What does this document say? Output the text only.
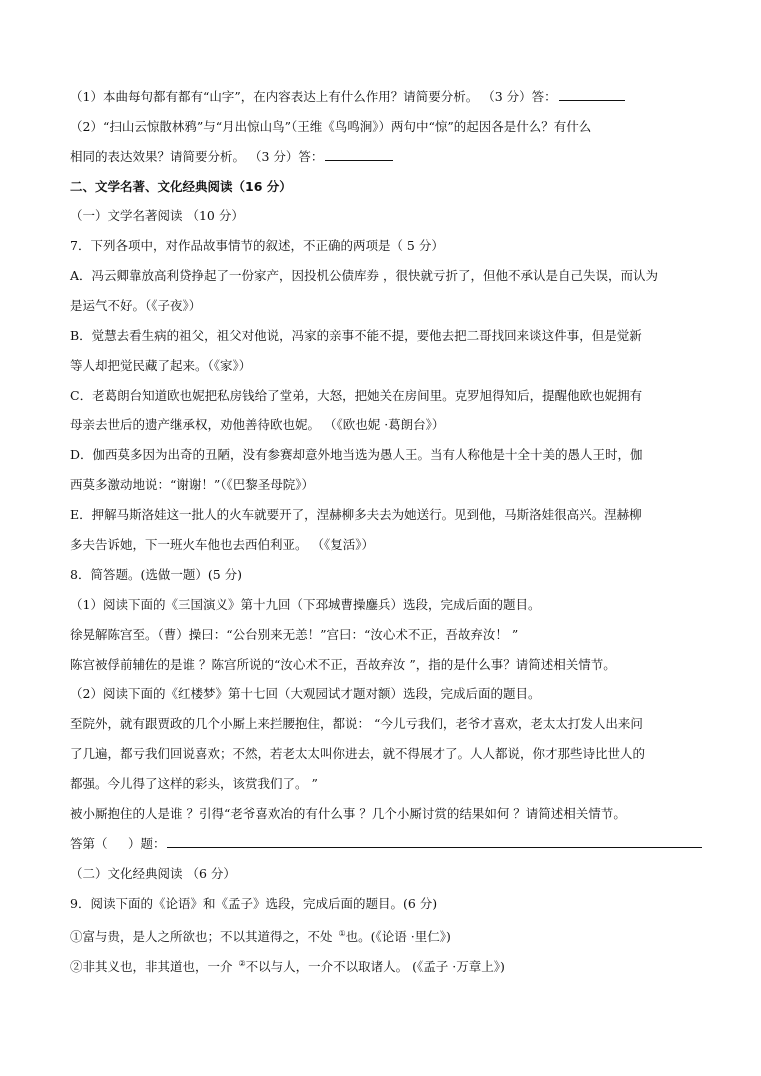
（1）本曲每句都有都有“山字”，在内容表达上有什么作用？请简要分析。 （3 分）答：
（2）“扫山云惊散林鸦”与“月出惊山鸟”（王维《鸟鸣涧》）两句中“惊”的起因各是什么？有什么
相同的表达效果？请简要分析。 （3 分）答：
二、文学名著、文化经典阅读（16 分）
（一）文学名著阅读 （10 分）
7．下列各项中，对作品故事情节的叙述，不正确的两项是（ 5 分）
A．冯云卿靠放高利贷挣起了一份家产，因投机公债库券 ，很快就亏折了，但他不承认是自己失误，而认为
是运气不好。（《子夜》）
B．觉慧去看生病的祖父，祖父对他说，冯家的亲事不能不提，要他去把二哥找回来谈这件事，但是觉新
等人却把觉民藏了起来。（《家》）
C．老葛朗台知道欧也妮把私房钱给了堂弟，大怒，把她关在房间里。克罗旭得知后，提醒他欧也妮拥有
母亲去世后的遗产继承权，劝他善待欧也妮。 （《欧也妮 ·葛朗台》）
D．伽西莫多因为出奇的丑陋，没有参赛却意外地当选为愚人王。当有人称他是十全十美的愚人王时，伽
西莫多激动地说：“谢谢！”（《巴黎圣母院》）
E．押解马斯洛娃这一批人的火车就要开了，涅赫柳多夫去为她送行。见到他，马斯洛娃很高兴。涅赫柳
多夫告诉她，下一班火车他也去西伯利亚。 （《复活》）
8．简答题。(选做一题）(5 分)
（1）阅读下面的《三国演义》第十九回（下邳城曹操鏖兵）选段，完成后面的题目。
徐晃解陈宫至。（曹）操曰：“公台别来无恙！”宫曰：“汝心术不正，吾故弃汝！ ”
陈宫被俘前辅佐的是谁 ？陈宫所说的“汝心术不正，吾故弃汝 ”，指的是什么事？请简述相关情节。
（2）阅读下面的《红楼梦》第十七回（大观园试才题对额）选段，完成后面的题目。
至院外，就有跟贾政的几个小厮上来拦腰抱住，都说： “今儿亏我们，老爷才喜欢，老太太打发人出来问
了几遍，都亏我们回说喜欢；不然，若老太太叫你进去，就不得展才了。人人都说，你才那些诗比世人的
都强。今儿得了这样的彩头，该赏我们了。 ”
被小厮抱住的人是谁 ？引得“老爷喜欢冶的有什么事 ？几个小厮讨赏的结果如何 ？请简述相关情节。
答第（ ）题：
（二）文化经典阅读 （6 分）
9．阅读下面的《论语》和《孟子》选段，完成后面的题目。(6 分)
①富与贵，是人之所欲也；不以其道得之，不处 ①也。(《论语 ·里仁》)
②非其义也，非其道也，一介 ②不以与人，一介不以取诸人。 (《孟子 ·万章上》)
